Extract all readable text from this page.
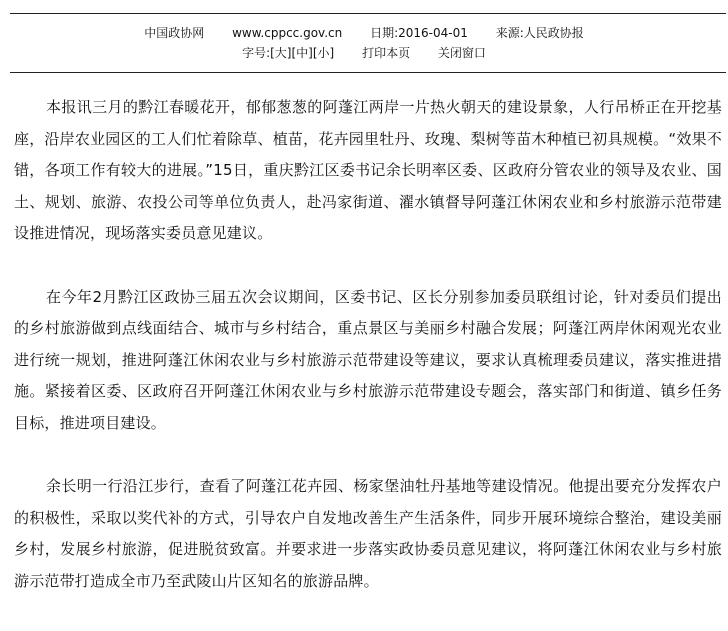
中国政协网 www.cppcc.gov.cn 日期:2016-04-01 来源:人民政协报
字号:[大][中][小] 打印本页 关闭窗口

本报讯三月的黔江春暖花开，郁郁葱葱的阿蓬江两岸一片热火朝天的建设景象，人行吊桥正在开挖基座，沿岸农业园区的工人们忙着除草、植苗，花卉园里牡丹、玫瑰、梨树等苗木种植已初具规模。“效果不错，各项工作有较大的进展。”15日，重庆黔江区委书记余长明率区委、区政府分管农业的领导及农业、国土、规划、旅游、农投公司等单位负责人，赴冯家街道、濯水镇督导阿蓬江休闲农业和乡村旅游示范带建设推进情况，现场落实委员意见建议。

在今年2月黔江区政协三届五次会议期间，区委书记、区长分别参加委员联组讨论，针对委员们提出的乡村旅游做到点线面结合、城市与乡村结合，重点景区与美丽乡村融合发展；阿蓬江两岸休闲观光农业进行统一规划，推进阿蓬江休闲农业与乡村旅游示范带建设等建议，要求认真梳理委员建议，落实推进措施。紧接着区委、区政府召开阿蓬江休闲农业与乡村旅游示范带建设专题会，落实部门和街道、镇乡任务目标，推进项目建设。

余长明一行沿江步行，查看了阿蓬江花卉园、杨家堡油牡丹基地等建设情况。他提出要充分发挥农户的积极性，采取以奖代补的方式，引导农户自发地改善生产生活条件，同步开展环境综合整治，建设美丽乡村，发展乡村旅游，促进脱贫致富。并要求进一步落实政协委员意见建议，将阿蓬江休闲农业与乡村旅游示范带打造成全市乃至武陵山片区知名的旅游品牌。
